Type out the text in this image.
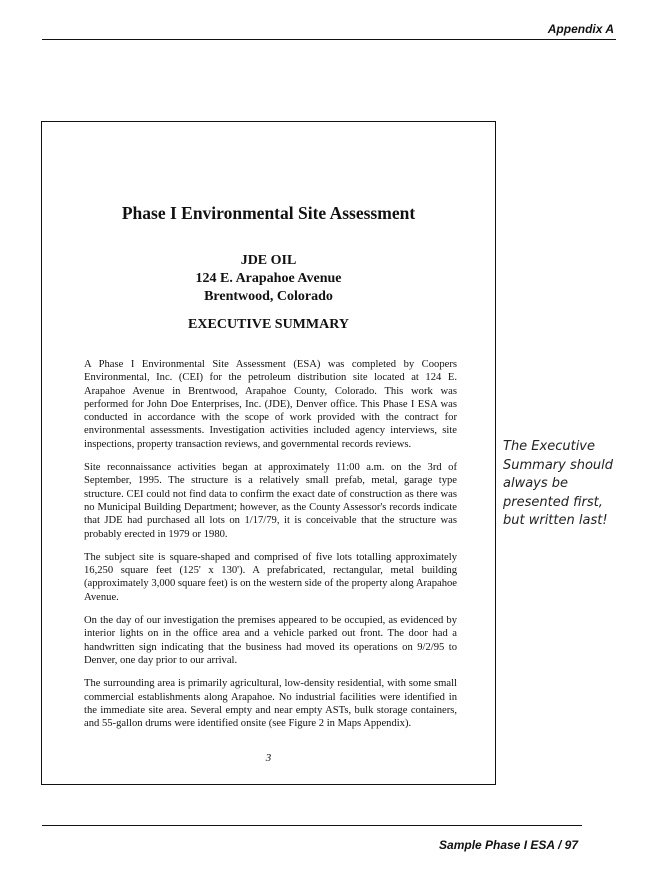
Appendix A
Phase I Environmental Site Assessment
JDE OIL
124 E. Arapahoe Avenue
Brentwood, Colorado
EXECUTIVE SUMMARY

A Phase I Environmental Site Assessment (ESA) was completed by Coopers Environmental, Inc. (CEI) for the petroleum distribution site located at 124 E. Arapahoe Avenue in Brentwood, Arapahoe County, Colorado. This work was performed for John Doe Enterprises, Inc. (JDE), Denver office. This Phase I ESA was conducted in accordance with the scope of work provided with the contract for environmental assessments. Investigation activities included agency interviews, site inspections, property transaction reviews, and governmental records reviews.

Site reconnaissance activities began at approximately 11:00 a.m. on the 3rd of September, 1995. The structure is a relatively small prefab, metal, garage type structure. CEI could not find data to confirm the exact date of construction as there was no Municipal Building Department; however, as the County Assessor's records indicate that JDE had purchased all lots on 1/17/79, it is conceivable that the structure was probably erected in 1979 or 1980.

The subject site is square-shaped and comprised of five lots totalling approximately 16,250 square feet (125' x 130'). A prefabricated, rectangular, metal building (approximately 3,000 square feet) is on the western side of the property along Arapahoe Avenue.

On the day of our investigation the premises appeared to be occupied, as evidenced by interior lights on in the office area and a vehicle parked out front. The door had a handwritten sign indicating that the business had moved its operations on 9/2/95 to Denver, one day prior to our arrival.

The surrounding area is primarily agricultural, low-density residential, with some small commercial establishments along Arapahoe. No industrial facilities were identified in the immediate site area. Several empty and near empty ASTs, bulk storage containers, and 55-gallon drums were identified onsite (see Figure 2 in Maps Appendix).

3
The Executive
Summary should
always be
presented first,
but written last!
Sample Phase I ESA / 97
